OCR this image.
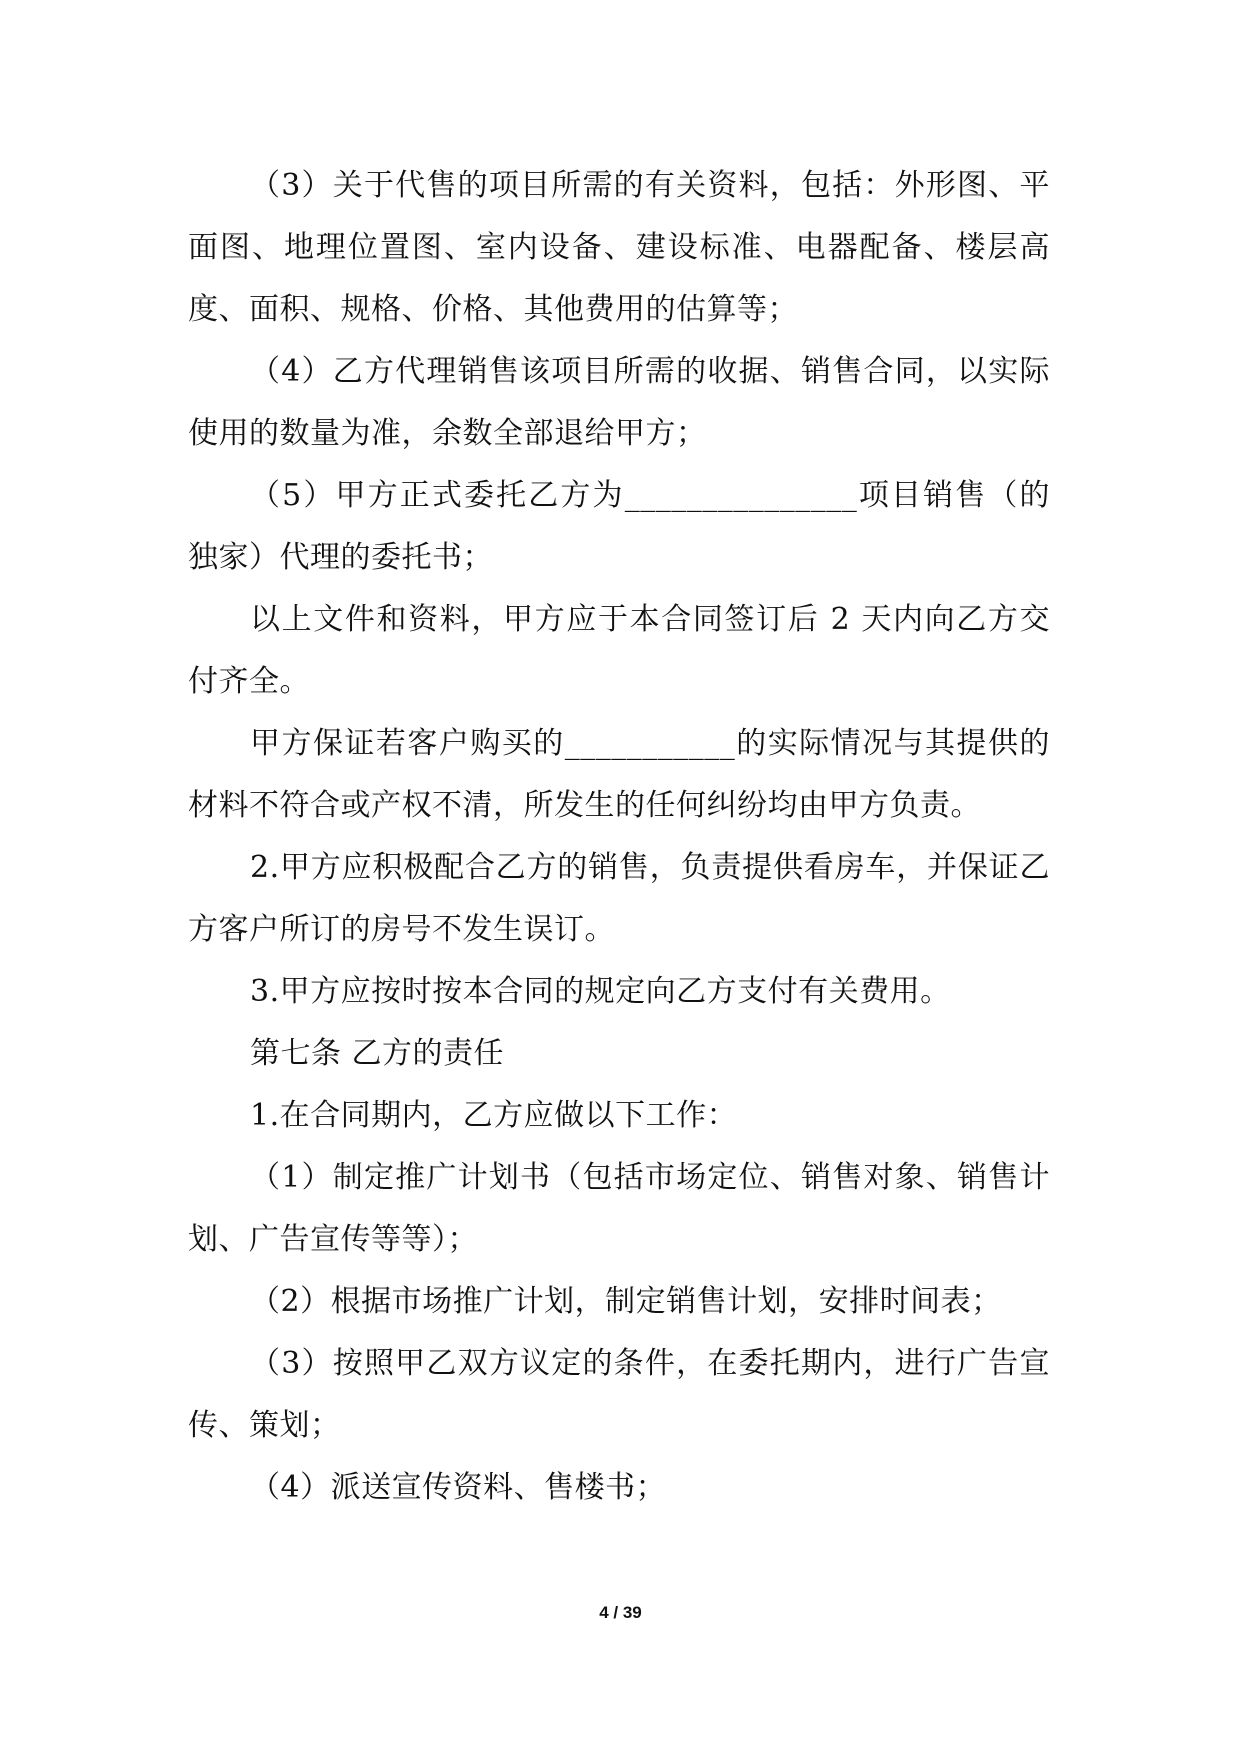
（3）关于代售的项目所需的有关资料，包括：外形图、平面图、地理位置图、室内设备、建设标准、电器配备、楼层高度、面积、规格、价格、其他费用的估算等；

（4）乙方代理销售该项目所需的收据、销售合同，以实际使用的数量为准，余数全部退给甲方；

（5）甲方正式委托乙方为_______________项目销售（的独家）代理的委托书；

以上文件和资料，甲方应于本合同签订后 2 天内向乙方交付齐全。

甲方保证若客户购买的___________的实际情况与其提供的材料不符合或产权不清，所发生的任何纠纷均由甲方负责。

2.甲方应积极配合乙方的销售，负责提供看房车，并保证乙方客户所订的房号不发生误订。

3.甲方应按时按本合同的规定向乙方支付有关费用。

第七条 乙方的责任

1.在合同期内，乙方应做以下工作：

（1）制定推广计划书（包括市场定位、销售对象、销售计划、广告宣传等等）；

（2）根据市场推广计划，制定销售计划，安排时间表；

（3）按照甲乙双方议定的条件，在委托期内，进行广告宣传、策划；

（4）派送宣传资料、售楼书；

4 / 39
